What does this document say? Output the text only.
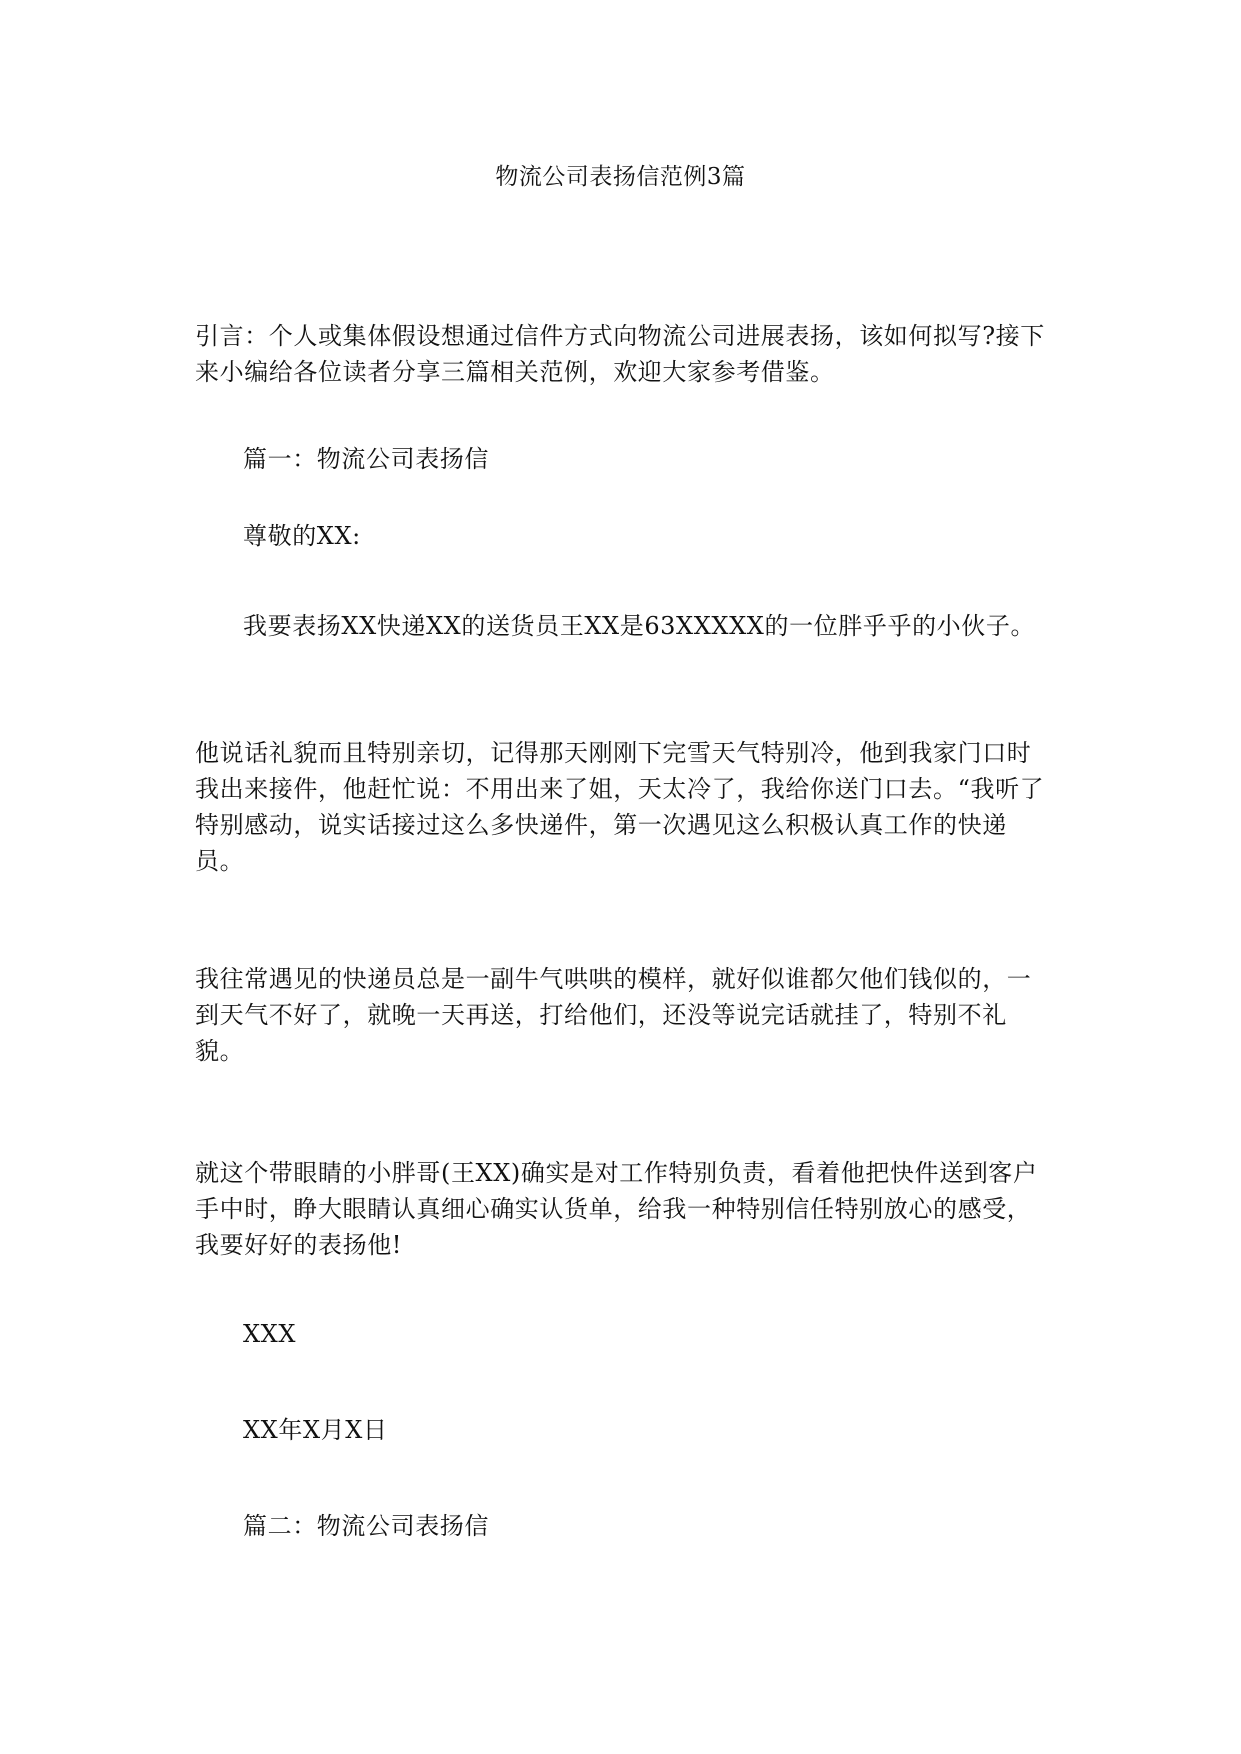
物流公司表扬信范例3篇

引言：个人或集体假设想通过信件方式向物流公司进展表扬，该如何拟写?接下来小编给各位读者分享三篇相关范例，欢迎大家参考借鉴。

篇一：物流公司表扬信

尊敬的XX:

我要表扬XX快递XX的送货员王XX是63XXXXX的一位胖乎乎的小伙子。

他说话礼貌而且特别亲切，记得那天刚刚下完雪天气特别冷，他到我家门口时我出来接件，他赶忙说：不用出来了姐，天太冷了，我给你送门口去。“我听了特别感动，说实话接过这么多快递件，第一次遇见这么积极认真工作的快递员。

我往常遇见的快递员总是一副牛气哄哄的模样，就好似谁都欠他们钱似的，一到天气不好了，就晚一天再送，打给他们，还没等说完话就挂了，特别不礼貌。

就这个带眼睛的小胖哥(王XX)确实是对工作特别负责，看着他把快件送到客户手中时，睁大眼睛认真细心确实认货单，给我一种特别信任特别放心的感受，我要好好的表扬他!

XXX

XX年X月X日

篇二：物流公司表扬信
